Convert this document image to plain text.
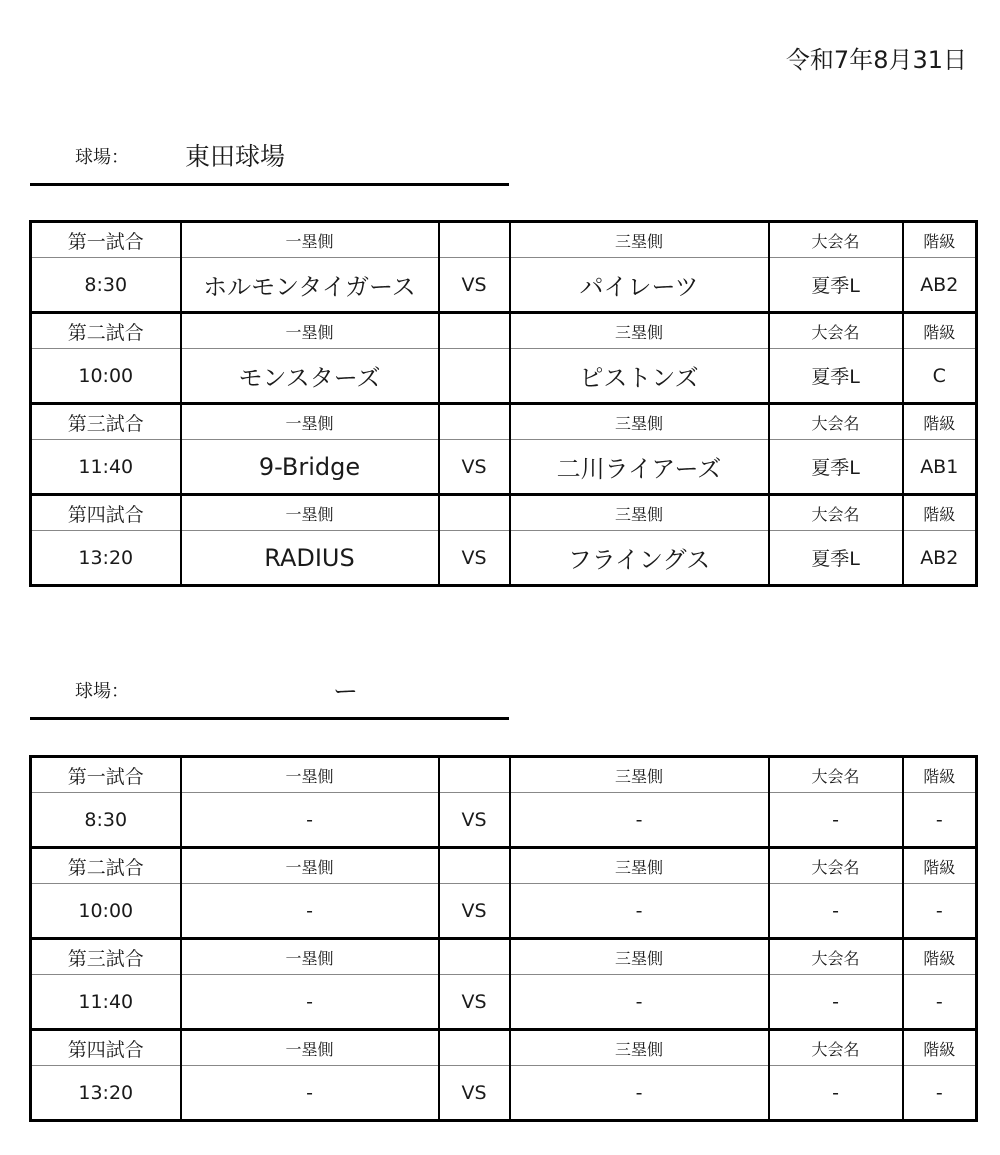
令和7年8月31日
球場： 東田球場
第一試合	一塁側		三塁側	大会名	階級
8:30	ホルモンタイガース	VS	パイレーツ	夏季L	AB2
第二試合	一塁側		三塁側	大会名	階級
10:00	モンスターズ		ピストンズ	夏季L	C
第三試合	一塁側		三塁側	大会名	階級
11:40	9-Bridge	VS	二川ライアーズ	夏季L	AB1
第四試合	一塁側		三塁側	大会名	階級
13:20	RADIUS	VS	フライングス	夏季L	AB2
球場：	ー
第一試合	一塁側		三塁側	大会名	階級
8:30	-	VS	-	-	-
第二試合	一塁側		三塁側	大会名	階級
10:00	-	VS	-	-	-
第三試合	一塁側		三塁側	大会名	階級
11:40	-	VS	-	-	-
第四試合	一塁側		三塁側	大会名	階級
13:20	-	VS	-	-	-
